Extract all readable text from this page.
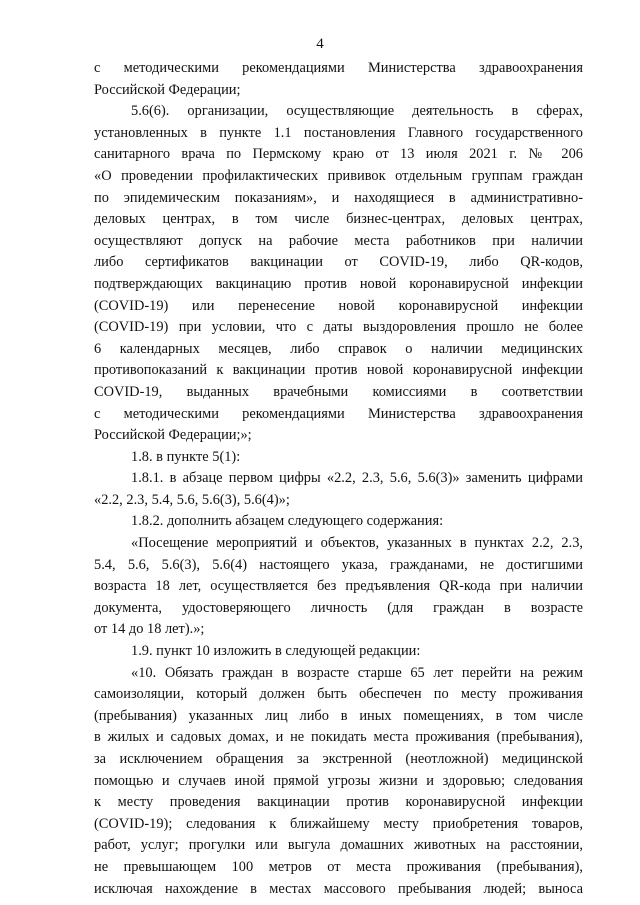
4
с методическими рекомендациями Министерства здравоохранения
Российской Федерации;
5.6(6). организации, осуществляющие деятельность в сферах,
установленных в пункте 1.1 постановления Главного государственного
санитарного врача по Пермскому краю от 13 июля 2021 г. № 206
«О проведении профилактических прививок отдельным группам граждан
по эпидемическим показаниям», и находящиеся в административно-
деловых центрах, в том числе бизнес-центрах, деловых центрах,
осуществляют допуск на рабочие места работников при наличии
либо сертификатов вакцинации от COVID-19, либо QR-кодов,
подтверждающих вакцинацию против новой коронавирусной инфекции
(COVID-19) или перенесение новой коронавирусной инфекции
(COVID-19) при условии, что с даты выздоровления прошло не более
6 календарных месяцев, либо справок о наличии медицинских
противопоказаний к вакцинации против новой коронавирусной инфекции
COVID-19, выданных врачебными комиссиями в соответствии
с методическими рекомендациями Министерства здравоохранения
Российской Федерации;»;
1.8. в пункте 5(1):
1.8.1. в абзаце первом цифры «2.2, 2.3, 5.6, 5.6(3)» заменить цифрами
«2.2, 2.3, 5.4, 5.6, 5.6(3), 5.6(4)»;
1.8.2. дополнить абзацем следующего содержания:
«Посещение мероприятий и объектов, указанных в пунктах 2.2, 2.3,
5.4, 5.6, 5.6(3), 5.6(4) настоящего указа, гражданами, не достигшими
возраста 18 лет, осуществляется без предъявления QR-кода при наличии
документа, удостоверяющего личность (для граждан в возрасте
от 14 до 18 лет).»;
1.9. пункт 10 изложить в следующей редакции:
«10. Обязать граждан в возрасте старше 65 лет перейти на режим
самоизоляции, который должен быть обеспечен по месту проживания
(пребывания) указанных лиц либо в иных помещениях, в том числе
в жилых и садовых домах, и не покидать места проживания (пребывания),
за исключением обращения за экстренной (неотложной) медицинской
помощью и случаев иной прямой угрозы жизни и здоровью; следования
к месту проведения вакцинации против коронавирусной инфекции
(COVID-19); следования к ближайшему месту приобретения товаров,
работ, услуг; прогулки или выгула домашних животных на расстоянии,
не превышающем 100 метров от места проживания (пребывания),
исключая нахождение в местах массового пребывания людей; выноса
